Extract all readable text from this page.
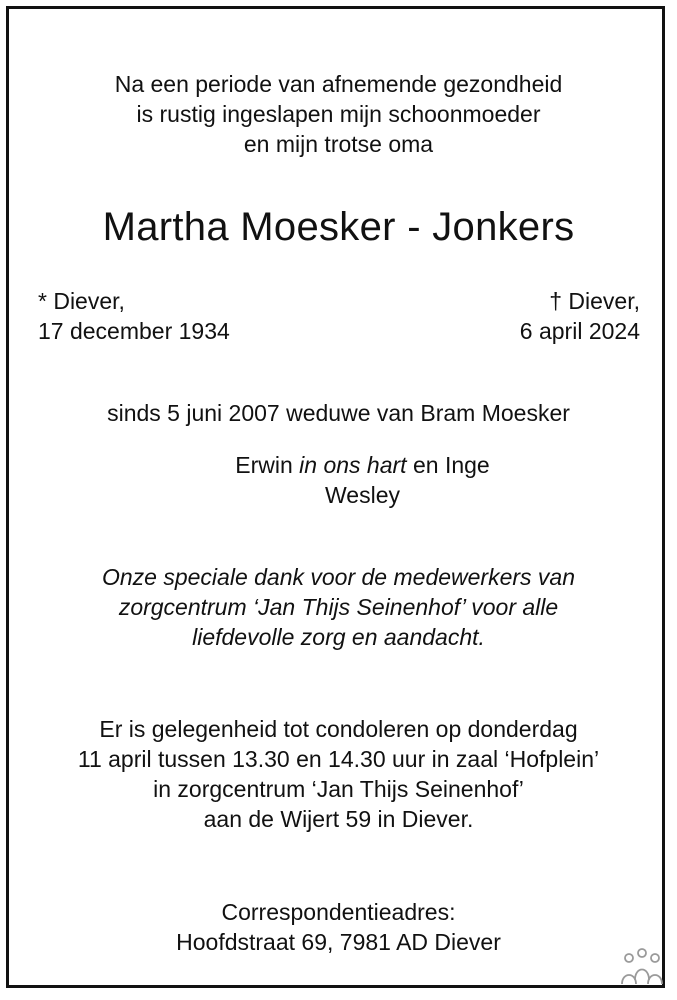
Na een periode van afnemende gezondheid
is rustig ingeslapen mijn schoonmoeder
en mijn trotse oma
Martha Moesker - Jonkers
* Diever,
17 december 1934
† Diever,
6 april 2024
sinds 5 juni 2007 weduwe van Bram Moesker
Erwin in ons hart en Inge
Wesley
Onze speciale dank voor de medewerkers van
zorgcentrum ‘Jan Thijs Seinenhof’ voor alle
liefdevolle zorg en aandacht.
Er is gelegenheid tot condoleren op donderdag
11 april tussen 13.30 en 14.30 uur in zaal ‘Hofplein’
in zorgcentrum ‘Jan Thijs Seinenhof’
aan de Wijert 59 in Diever.
Correspondentieadres:
Hoofdstraat 69, 7981 AD Diever
